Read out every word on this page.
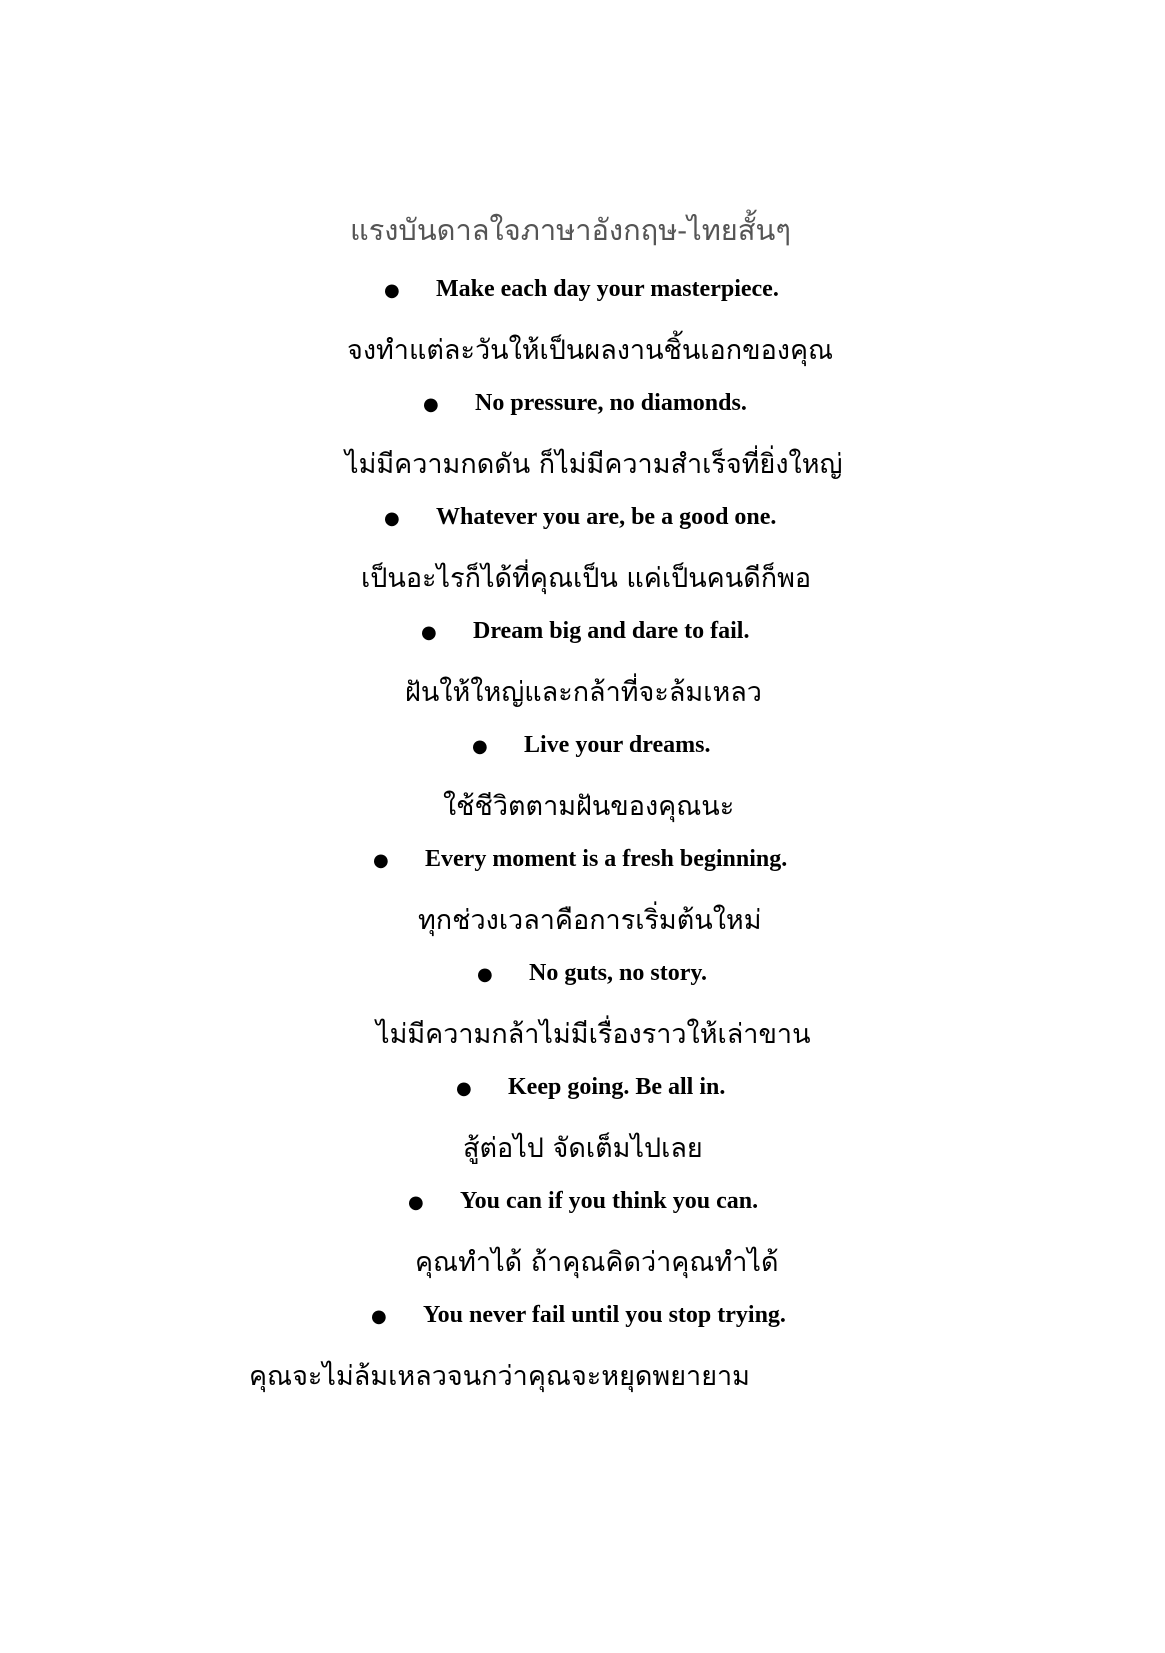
แรงบันดาลใจภาษาอังกฤษ-ไทยสั้นๆ
● Make each day your masterpiece.
จงทำแต่ละวันให้เป็นผลงานชิ้นเอกของคุณ
● No pressure, no diamonds.
ไม่มีความกดดัน ก็ไม่มีความสำเร็จที่ยิ่งใหญ่
● Whatever you are, be a good one.
เป็นอะไรก็ได้ที่คุณเป็น แค่เป็นคนดีก็พอ
● Dream big and dare to fail.
ฝันให้ใหญ่และกล้าที่จะล้มเหลว
● Live your dreams.
ใช้ชีวิตตามฝันของคุณนะ
● Every moment is a fresh beginning.
ทุกช่วงเวลาคือการเริ่มต้นใหม่
● No guts, no story.
ไม่มีความกล้าไม่มีเรื่องราวให้เล่าขาน
● Keep going. Be all in.
สู้ต่อไป จัดเต็มไปเลย
● You can if you think you can.
คุณทำได้ ถ้าคุณคิดว่าคุณทำได้
● You never fail until you stop trying.
คุณจะไม่ล้มเหลวจนกว่าคุณจะหยุดพยายาม
